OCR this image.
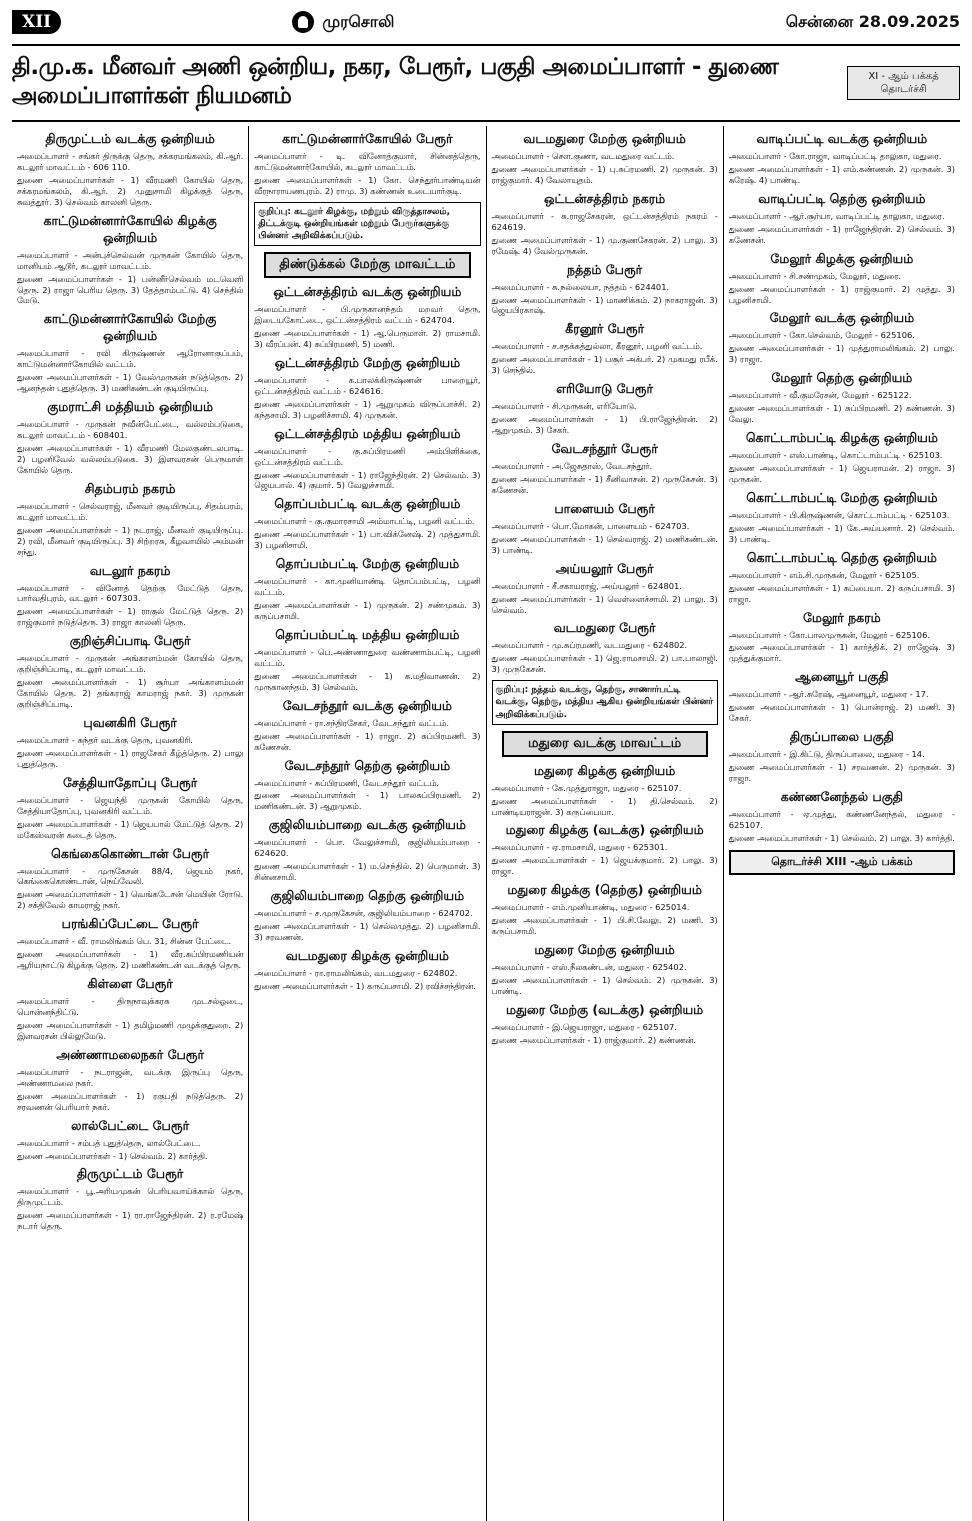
XII	முரசொலி	சென்னை 28.09.2025
தி.மு.க. மீனவர் அணி ஒன்றிய, நகர, பேரூர், பகுதி அமைப்பாளர் - துணை அமைப்பாளர்கள் நியமனம்
XI - ஆம் பக்கத் தொடர்ச்சி
திருமுட்டம் வடக்கு ஒன்றியம்

அமைப்பாளர் - சங்கர் திருக்கு தெரு, சக்கரமங்கலம், கி.ஆர். கடலூர் மாவட்டம் - 606 110.

துணை அமைப்பாளர்கள் - 1) வீரமணி கோயில் தெரு, சக்கரமங்கலம், கி.ஆர். 2) முனுசாமி கிழக்குத் தெரு, சுவத்தூர். 3) செல்வம் காலனி தெரு.

காட்டுமன்னார்கோயில் கிழக்கு ஒன்றியம்

அமைப்பாளர் - அன்புச்செல்வன் முருகன் கோயில் தெரு, மானியம் ஆடூர், கடலூர் மாவட்டம்.

துணை அமைப்பாளர்கள் - 1) பன்னீர்செல்வம் மடவெளி தெரு. 2) ராஜா பெரிய தெரு. 3) தேத்தாம்பட்டு. 4) செந்தில் மேடு.

காட்டுமன்னார்கோயில் மேற்கு ஒன்றியம்

அமைப்பாளர் - ரவி கிருஷ்ணன் ஆரோனாகுப்பம், காட்டுமன்னார்கோயில் வட்டம்.

துணை அமைப்பாளர்கள் - 1) வேல்முருகன் நடுத்தெரு. 2) ஆனந்தன் புதுத்தெரு. 3) மணிகண்டன் குடியிருப்பு.

குமராட்சி மத்தியம் ஒன்றியம்

அமைப்பாளர் - முருகன் நவீன்பேட்டை, வல்லம்படுகை, கடலூர் மாவட்டம் - 608401.

துணை அமைப்பாளர்கள் - 1) வீரமணி மேலகுண்டலபாடி. 2) பழனிவேல் வல்லம்படுகை. 3) இளவரசன் பெருமாள் கோயில் தெரு.

சிதம்பரம் நகரம்

அமைப்பாளர் - செல்வராஜ், மீனவர் குடியிருப்பு, சிதம்பரம், கடலூர் மாவட்டம்.

துணை அமைப்பாளர்கள் - 1) நடராஜ், மீனவர் குடியிருப்பு. 2) ரவி, மீனவர் குடியிருப்பு. 3) சிற்றரசு, கீழவாயில் அம்மன் சந்து.

வடலூர் நகரம்

அமைப்பாளர் - வினோத் தெற்கு மேட்டுத் தெரு, பார்வதிபுரம், வடலூர் - 607303.

துணை அமைப்பாளர்கள் - 1) ராகுல் மேட்டுத் தெரு. 2) ராஜ்குமார் நடுத்தெரு. 3) ராஜா காலனி தெரு.

குறிஞ்சிப்பாடி பேரூர்

அமைப்பாளர் - முருகன் அங்காளம்மன் கோயில் தெரு, குறிஞ்சிப்பாடி, கடலூர் மாவட்டம்.

துணை அமைப்பாளர்கள் - 1) சூர்யா அங்காளம்மன் கோயில் தெரு. 2) தங்கராஜ் காமராஜ் நகர். 3) முருகன் குறிஞ்சிப்பாடி.

புவனகிரி பேரூர்

அமைப்பாளர் - சுந்தர் வடக்கு தெரு, புவனகிரி.

துணை அமைப்பாளர்கள் - 1) ராஜசேகர் கீழ்த்தெரு. 2) பாலு புதுத்தெரு.

சேத்தியாதோப்பு பேரூர்

அமைப்பாளர் - ஜெயந்தி முருகன் கோயில் தெரு, சேத்தியாதோப்பு, புவனகிரி வட்டம்.

துணை அமைப்பாளர்கள் - 1) ஜெயபால் மேட்டுத் தெரு. 2) மகேஸ்வரன் கடைத் தெரு.

கெங்கைகொண்டான் பேரூர்

அமைப்பாளர் - முருகேசன் 88/4, ஜெயம் நகர், கெங்கைகொண்டான், நெய்வேலி.

துணை அமைப்பாளர்கள் - 1) வெங்கடேசன் மெயின் ரோடு. 2) சக்திவேல் காமராஜ் நகர்.

பரங்கிப்பேட்டை பேரூர்

அமைப்பாளர் - வீ. ராமலிங்கம் பெ. 31, சின்ன பேட்டை.

துணை அமைப்பாளர்கள் - 1) வீர.சுப்பிரமணியன் ஆரியநாட்டு கிழக்கு தெரு. 2) மணிகண்டன் வடக்குத் தெரு.

கிள்ளை பேரூர்

அமைப்பாளர் - திருநாவுக்கரசு முடசல்ஓடை, பொன்னந்திட்டு.

துணை அமைப்பாளர்கள் - 1) தமிழ்மணி முழுக்குதுறை. 2) இளவரசன் பில்லுமேடு.

அண்ணாமலைநகர் பேரூர்

அமைப்பாளர் - நடராஜன், வடக்கு இருப்பு தெரு, அண்ணாமலை நகர்.

துணை அமைப்பாளர்கள் - 1) ரகுபதி நடுத்தெரு. 2) சரவணன் பெரியார் நகர்.

லால்பேட்டை பேரூர்

அமைப்பாளர் - சம்பத் புதுத்தெரு, லால்பேட்டை.

துணை அமைப்பாளர்கள் - 1) செல்வம். 2) கார்த்தி.

திருமுட்டம் பேரூர்

அமைப்பாளர் - பூ.அரியமுகன் பெரியவாய்க்கால் தெரு, திருமுட்டம்.

துணை அமைப்பாளர்கள் - 1) ரா.ராஜேந்திரன். 2) ர.ரமேஷ் நடார் தெரு.

காட்டுமன்னார்கோயில் பேரூர்

அமைப்பாளர் - டி. வினோத்குமார், சின்னத்தெரு, காட்டுமன்னார்கோயில், கடலூர் மாவட்டம்.

துணை அமைப்பாளர்கள் - 1) கோ. செந்தூர்பாண்டியன் வீரநாராயணபுரம். 2) ராமு. 3) கண்ணன் உடையார்குடி.

குறிப்பு: கடலூர் கிழக்கு, மற்றும் விருத்தாசலம், திட்டக்குடி ஒன்றியங்கள் மற்றும் பேரூர்களுக்கு பின்னர் அறிவிக்கப்படும்.
திண்டுக்கல் மேற்கு மாவட்டம்
ஒட்டன்சத்திரம் வடக்கு ஒன்றியம்

அமைப்பாளர் - பி.முருகானந்தம் மறவர் தெரு, இடையகோட்டை, ஒட்டன்சத்திரம் வட்டம் - 624704.

துணை அமைப்பாளர்கள் - 1) ஆ.பெருமாள். 2) ராமசாமி. 3) வீரப்பன். 4) சுப்பிரமணி. 5) மணி.

ஒட்டன்சத்திரம் மேற்கு ஒன்றியம்

அமைப்பாளர் - க.பாலக்கிருஷ்ணன் பாறையூர், ஒட்டன்சத்திரம் வட்டம் - 624616.

துணை அமைப்பாளர்கள் - 1) ஆறுமுகம் விருப்பாச்சி. 2) கந்தசாமி. 3) பழனிச்சாமி. 4) முருகன்.

ஒட்டன்சத்திரம் மத்திய ஒன்றியம்

அமைப்பாளர் - கு.சுப்பிரமணி அம்பிளிக்கை, ஒட்டன்சத்திரம் வட்டம்.

துணை அமைப்பாளர்கள் - 1) ராஜேந்திரன். 2) செல்வம். 3) ஜெயபால். 4) குமார். 5) வேலுச்சாமி.

தொப்பம்பட்டி வடக்கு ஒன்றியம்

அமைப்பாளர் - கு.குமாரசாமி அம்மாபட்டி, பழனி வட்டம்.

துணை அமைப்பாளர்கள் - 1) பா.விக்னேஷ். 2) முத்துசாமி. 3) பழனிசாமி.

தொப்பம்பட்டி மேற்கு ஒன்றியம்

அமைப்பாளர் - கா.முனியாண்டி தொப்பம்பட்டி, பழனி வட்டம்.

துணை அமைப்பாளர்கள் - 1) முருகன். 2) சண்முகம். 3) கருப்பசாமி.

தொப்பம்பட்டி மத்திய ஒன்றியம்

அமைப்பாளர் - பெ.அண்ணாதுரை வண்ணாம்பட்டி, பழனி வட்டம்.

துணை அமைப்பாளர்கள் - 1) க.மதிவாணன். 2) முருகானந்தம். 3) செல்வம்.

வேடசந்தூர் வடக்கு ஒன்றியம்

அமைப்பாளர் - ரா.சந்திரசேகர், வேடசந்தூர் வட்டம்.

துணை அமைப்பாளர்கள் - 1) ராஜா. 2) சுப்பிரமணி. 3) கணேசன்.

வேடசந்தூர் தெற்கு ஒன்றியம்

அமைப்பாளர் - சுப்பிரமணி, வேடசந்தூர் வட்டம்.

துணை அமைப்பாளர்கள் - 1) பாலசுப்பிரமணி. 2) மணிகண்டன். 3) ஆறுமுகம்.

குஜிலியம்பாறை வடக்கு ஒன்றியம்

அமைப்பாளர் - பொ. வேலுச்சாமி, குஜிலியம்பாறை - 624620.

துணை அமைப்பாளர்கள் - 1) ம.செந்தில். 2) பெருமாள். 3) சின்னசாமி.

குஜிலியம்பாறை தெற்கு ஒன்றியம்

அமைப்பாளர் - ச.முருகேசன், குஜிலியம்பாறை - 624702.

துணை அமைப்பாளர்கள் - 1) செல்லமுத்து. 2) பழனிசாமி. 3) சரவணன்.

வடமதுரை கிழக்கு ஒன்றியம்

அமைப்பாளர் - ரா.ராமலிங்கம், வடமதுரை - 624802.

துணை அமைப்பாளர்கள் - 1) கருப்பசாமி. 2) ரவிச்சந்திரன்.

வடமதுரை மேற்கு ஒன்றியம்

அமைப்பாளர் - சௌ.குணா, வடமதுரை வட்டம்.

துணை அமைப்பாளர்கள் - 1) பு.சுப்ரமணி. 2) முருகன். 3) ராஜ்குமார். 4) வேலாயுதம்.

ஒட்டன்சத்திரம் நகரம்

அமைப்பாளர் - சு.ராஜசேகரன், ஒட்டன்சத்திரம் நகரம் - 624619.

துணை அமைப்பாளர்கள் - 1) மு.குணசேகரன். 2) பாலு. 3) ரமேஷ். 4) வேல்முருகன்.

நத்தம் பேரூர்

அமைப்பாளர் - சு.நல்லையா, நத்தம் - 624401.

துணை அமைப்பாளர்கள் - 1) மாணிக்கம். 2) நாகராஜன். 3) ஜெயபிரகாஷ்.

கீரனூர் பேரூர்

அமைப்பாளர் - ச.சதக்கத்துல்லா, கீரனூர், பழனி வட்டம்.

துணை அமைப்பாளர்கள் - 1) பசூர் அக்பர். 2) முகமது ரபீக். 3) செந்தில்.

எரியோடு பேரூர்

அமைப்பாளர் - சி.முருகன், எரியோடு.

துணை அமைப்பாளர்கள் - 1) பி.ராஜேந்திரன். 2) ஆறுமுகம். 3) சேகர்.

வேடசந்தூர் பேரூர்

அமைப்பாளர் - அ.ஜேசுதாஸ், வேடசந்தூர்.

துணை அமைப்பாளர்கள் - 1) சீனிவாசன். 2) முருகேசன். 3) கணேசன்.

பாளையம் பேரூர்

அமைப்பாளர் - பொ.மோகன், பாளையம் - 624703.

துணை அமைப்பாளர்கள் - 1) செல்வராஜ். 2) மணிகண்டன். 3) பாண்டி.

அய்யலூர் பேரூர்

அமைப்பாளர் - சீ.சகாயராஜ், அய்யலூர் - 624801.

துணை அமைப்பாளர்கள் - 1) வெள்ளைச்சாமி. 2) பாலு. 3) செல்வம்.

வடமதுரை பேரூர்

அமைப்பாளர் - மு.சுப்ரமணி, வடமதுரை - 624802.

துணை அமைப்பாளர்கள் - 1) ஜெ.ராமசாமி. 2) பா.பாலாஜி. 3) முருகேசன்.

குறிப்பு: நத்தம் வடக்கு, தெற்கு, சாணார்பட்டி வடக்கு, தெற்கு, மத்திய ஆகிய ஒன்றியங்கள் பின்னர் அறிவிக்கப்படும்.
மதுரை வடக்கு மாவட்டம்
மதுரை கிழக்கு ஒன்றியம்

அமைப்பாளர் - கே.முத்துராஜா, மதுரை - 625107.

துணை அமைப்பாளர்கள் - 1) தி.செல்வம். 2) பாண்டியராஜன். 3) கருப்பையா.

மதுரை கிழக்கு (வடக்கு) ஒன்றியம்

அமைப்பாளர் - ஏ.ராமசாமி, மதுரை - 625301.

துணை அமைப்பாளர்கள் - 1) ஜெயக்குமார். 2) பாலு. 3) ராஜா.

மதுரை கிழக்கு (தெற்கு) ஒன்றியம்

அமைப்பாளர் - எம்.முனியாண்டி, மதுரை - 625014.

துணை அமைப்பாளர்கள் - 1) பி.சி.வேலு. 2) மணி. 3) கருப்பசாமி.

மதுரை மேற்கு ஒன்றியம்

அமைப்பாளர் - எஸ்.நீலகண்டன், மதுரை - 625402.

துணை அமைப்பாளர்கள் - 1) செல்வம். 2) முருகன். 3) பாண்டி.

மதுரை மேற்கு (வடக்கு) ஒன்றியம்

அமைப்பாளர் - இ.ஜெயராஜா, மதுரை - 625107.

துணை அமைப்பாளர்கள் - 1) ராஜ்குமார். 2) கண்ணன்.

வாடிப்பட்டி வடக்கு ஒன்றியம்

அமைப்பாளர் - கோ.ராஜா, வாடிப்பட்டி தாலுகா, மதுரை.

துணை அமைப்பாளர்கள் - 1) எம்.கண்ணன். 2) முருகன். 3) சுரேஷ். 4) பாண்டி.

வாடிப்பட்டி தெற்கு ஒன்றியம்

அமைப்பாளர் - ஆர்.சூர்யா, வாடிப்பட்டி தாலுகா, மதுரை.

துணை அமைப்பாளர்கள் - 1) ராஜேந்திரன். 2) செல்வம். 3) கணேசன்.

மேலூர் கிழக்கு ஒன்றியம்

அமைப்பாளர் - சி.சண்முகம், மேலூர், மதுரை.

துணை அமைப்பாளர்கள் - 1) ராஜ்குமார். 2) முத்து. 3) பழனிசாமி.

மேலூர் வடக்கு ஒன்றியம்

அமைப்பாளர் - கோ.செல்வம், மேலூர் - 625106.

துணை அமைப்பாளர்கள் - 1) முத்துராமலிங்கம். 2) பாலு. 3) ராஜா.

மேலூர் தெற்கு ஒன்றியம்

அமைப்பாளர் - வீ.குமரேசன், மேலூர் - 625122.

துணை அமைப்பாளர்கள் - 1) சுப்பிரமணி. 2) கண்ணன். 3) வேலு.

கொட்டாம்பட்டி கிழக்கு ஒன்றியம்

அமைப்பாளர் - எஸ்.பாண்டி, கொட்டாம்பட்டி - 625103.

துணை அமைப்பாளர்கள் - 1) ஜெயராமன். 2) ராஜா. 3) முருகன்.

கொட்டாம்பட்டி மேற்கு ஒன்றியம்

அமைப்பாளர் - பி.கிருஷ்ணன், கொட்டாம்பட்டி - 625103.

துணை அமைப்பாளர்கள் - 1) கே.அய்யனார். 2) செல்வம். 3) பாண்டி.

கொட்டாம்பட்டி தெற்கு ஒன்றியம்

அமைப்பாளர் - எம்.சி.முருகன், மேலூர் - 625105.

துணை அமைப்பாளர்கள் - 1) சுப்பையா. 2) கருப்பசாமி. 3) ராஜா.

மேலூர் நகரம்

அமைப்பாளர் - கோ.பாலமுருகன், மேலூர் - 625106.

துணை அமைப்பாளர்கள் - 1) கார்த்திக். 2) ராஜேஷ். 3) முத்துக்குமார்.

ஆனையூர் பகுதி

அமைப்பாளர் - ஆர்.சுரேஷ், ஆனையூர், மதுரை - 17.

துணை அமைப்பாளர்கள் - 1) பொன்ராஜ். 2) மணி. 3) சேகர்.

திருப்பாலை பகுதி

அமைப்பாளர் - இ.கிட்டு, திருப்பாலை, மதுரை - 14.

துணை அமைப்பாளர்கள் - 1) சரவணன். 2) முருகன். 3) ராஜா.

கண்ணனேந்தல் பகுதி

அமைப்பாளர் - ஏ.முத்து, கண்ணனேந்தல், மதுரை - 625107.

துணை அமைப்பாளர்கள் - 1) செல்வம். 2) பாலு. 3) கார்த்தி.

தொடர்ச்சி XIII -ஆம் பக்கம்
